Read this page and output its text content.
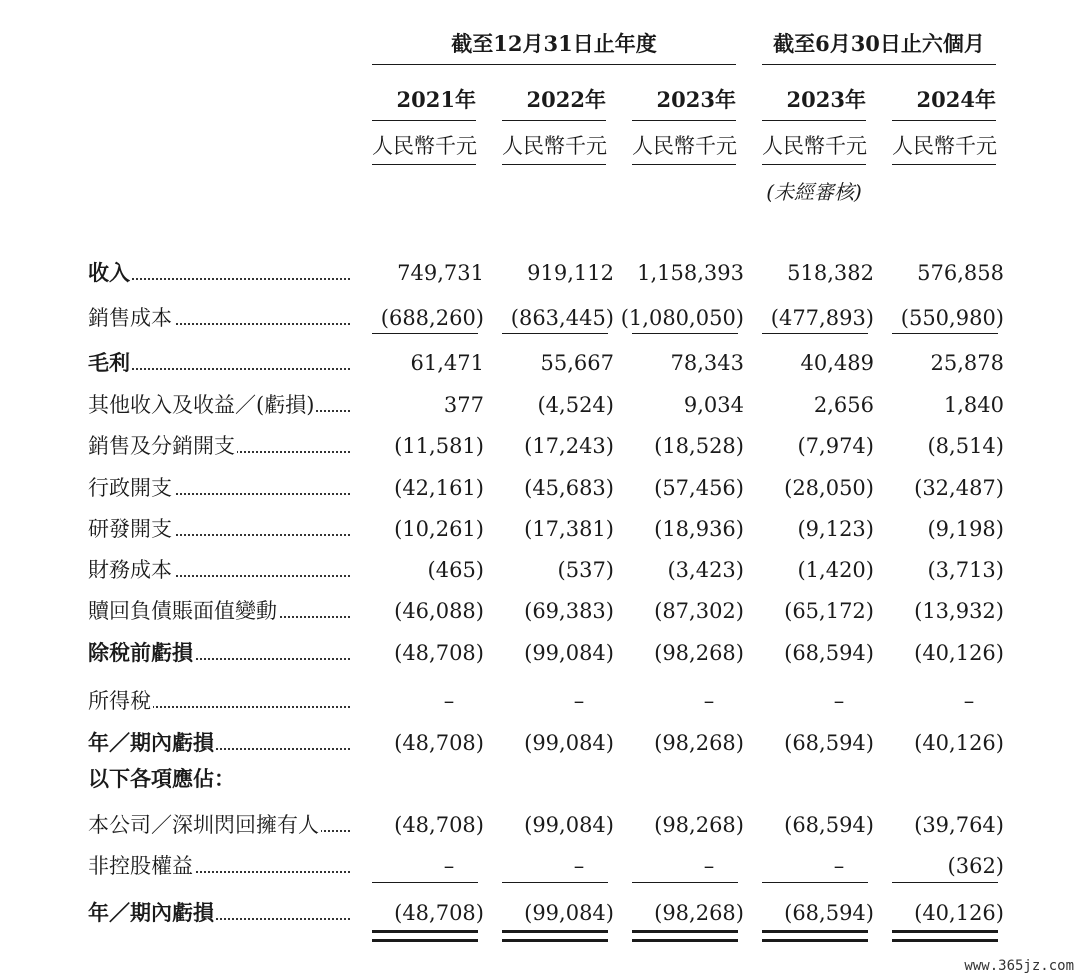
截至12月31日止年度	截至6月30日止六個月
2021年	2022年	2023年	2023年	2024年
人民幣千元 人民幣千元 人民幣千元 人民幣千元 人民幣千元
(未經審核)
收入	749,731	919,112	1,158,393	518,382	576,858
銷售成本	(688,260)	(863,445) (1,080,050)	(477,893)	(550,980)
毛利	61,471	55,667	78,343	40,489	25,878
其他收入及收益／(虧損)	377	(4,524)	9,034	2,656	1,840
銷售及分銷開支	(11,581)	(17,243)	(18,528)	(7,974)	(8,514)
行政開支	(42,161)	(45,683)	(57,456)	(28,050)	(32,487)
研發開支	(10,261)	(17,381)	(18,936)	(9,123)	(9,198)
財務成本	(465)	(537)	(3,423)	(1,420)	(3,713)
贖回負債賬面值變動	(46,088)	(69,383)	(87,302)	(65,172)	(13,932)
除稅前虧損	(48,708)	(99,084)	(98,268)	(68,594)	(40,126)
所得稅	–	–	–	–	–
年／期內虧損	(48,708)	(99,084)	(98,268)	(68,594)	(40,126)
以下各項應佔：
本公司／深圳閃回擁有人	(48,708)	(99,084)	(98,268)	(68,594)	(39,764)
非控股權益	–	–	–	–	(362)
年／期內虧損	(48,708)	(99,084)	(98,268)	(68,594)	(40,126)
www.365jz.com
